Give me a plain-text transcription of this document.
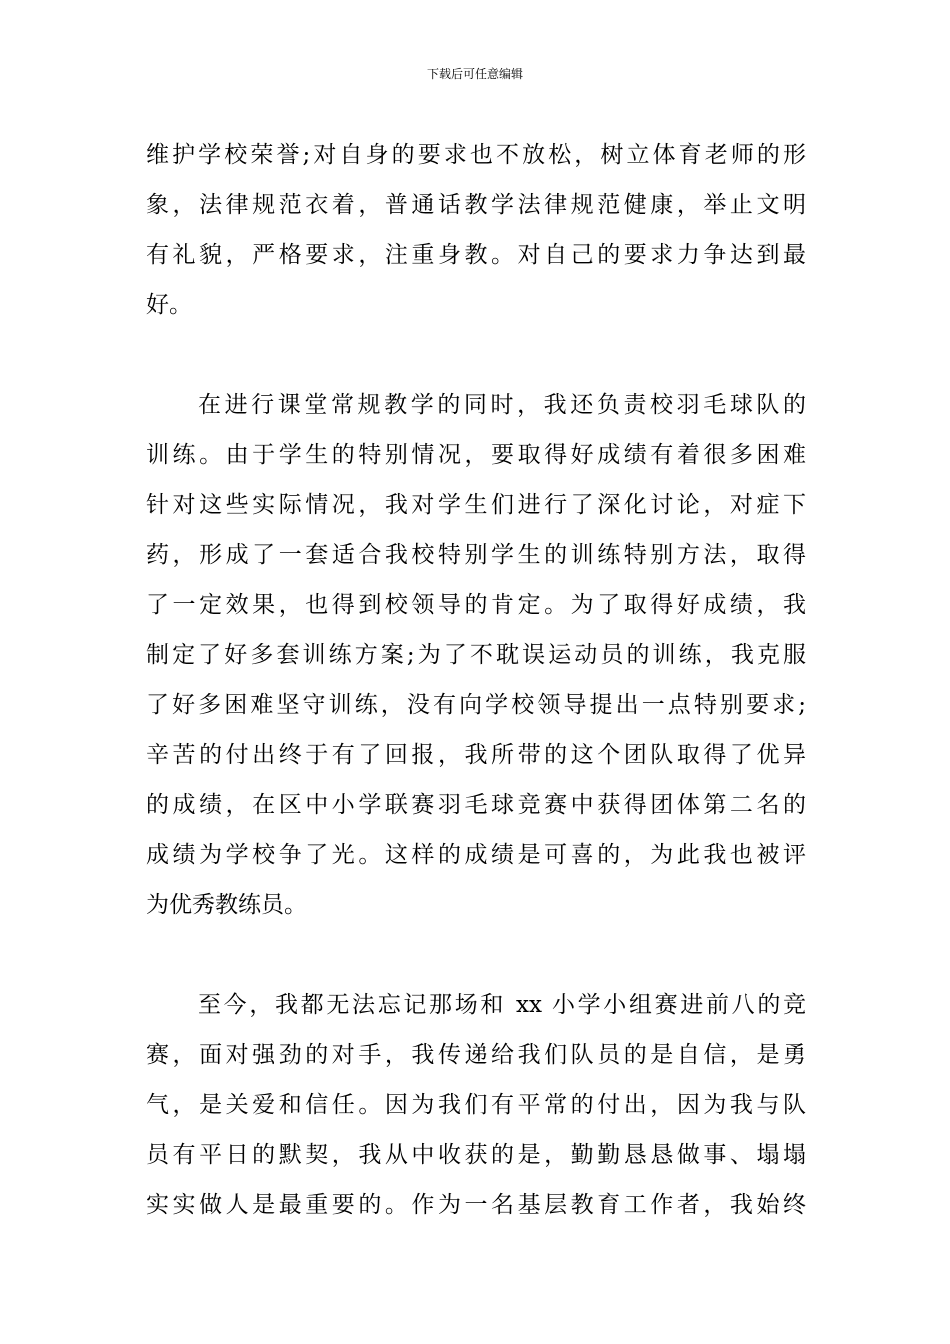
下载后可任意编辑
维护学校荣誉;对自身的要求也不放松，树立体育老师的形
象，法律规范衣着，普通话教学法律规范健康，举止文明
有礼貌，严格要求，注重身教。对自己的要求力争达到最
好。
在进行课堂常规教学的同时，我还负责校羽毛球队的
训练。由于学生的特别情况，要取得好成绩有着很多困难
针对这些实际情况，我对学生们进行了深化讨论，对症下
药，形成了一套适合我校特别学生的训练特别方法，取得
了一定效果，也得到校领导的肯定。为了取得好成绩，我
制定了好多套训练方案;为了不耽误运动员的训练，我克服
了好多困难坚守训练，没有向学校领导提出一点特别要求;
辛苦的付出终于有了回报，我所带的这个团队取得了优异
的成绩，在区中小学联赛羽毛球竞赛中获得团体第二名的
成绩为学校争了光。这样的成绩是可喜的，为此我也被评
为优秀教练员。
至今，我都无法忘记那场和 xx 小学小组赛进前八的竞
赛，面对强劲的对手，我传递给我们队员的是自信，是勇
气，是关爱和信任。因为我们有平常的付出，因为我与队
员有平日的默契，我从中收获的是，勤勤恳恳做事、塌塌
实实做人是最重要的。作为一名基层教育工作者，我始终
